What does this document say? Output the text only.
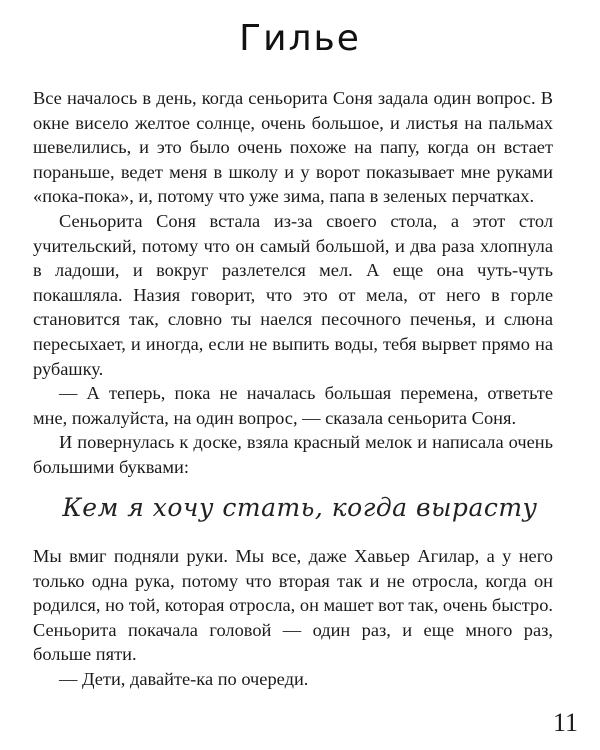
Гилье

Все началось в день, когда сеньорита Соня задала один вопрос. В окне висело желтое солнце, очень большое, и листья на пальмах шевелились, и это было очень похоже на папу, когда он встает пораньше, ведет меня в школу и у ворот показывает мне руками «пока-пока», и, потому что уже зима, папа в зеленых перчатках.

Сеньорита Соня встала из-за своего стола, а этот стол учительский, потому что он самый большой, и два раза хлопнула в ладоши, и вокруг разлетелся мел. А еще она чуть-чуть покашляла. Назия говорит, что это от мела, от него в горле становится так, словно ты наелся песочного печенья, и слюна пересыхает, и иногда, если не выпить воды, тебя вырвет прямо на рубашку.

— А теперь, пока не началась большая перемена, ответьте мне, пожалуйста, на один вопрос, — сказала сеньорита Соня.

И повернулась к доске, взяла красный мелок и написала очень большими буквами:

Кем я хочу стать, когда вырасту

Мы вмиг подняли руки. Мы все, даже Хавьер Агилар, а у него только одна рука, потому что вторая так и не отросла, когда он родился, но той, которая отросла, он машет вот так, очень быстро. Сеньорита покачала головой — один раз, и еще много раз, больше пяти.

— Дети, давайте-ка по очереди.

11
